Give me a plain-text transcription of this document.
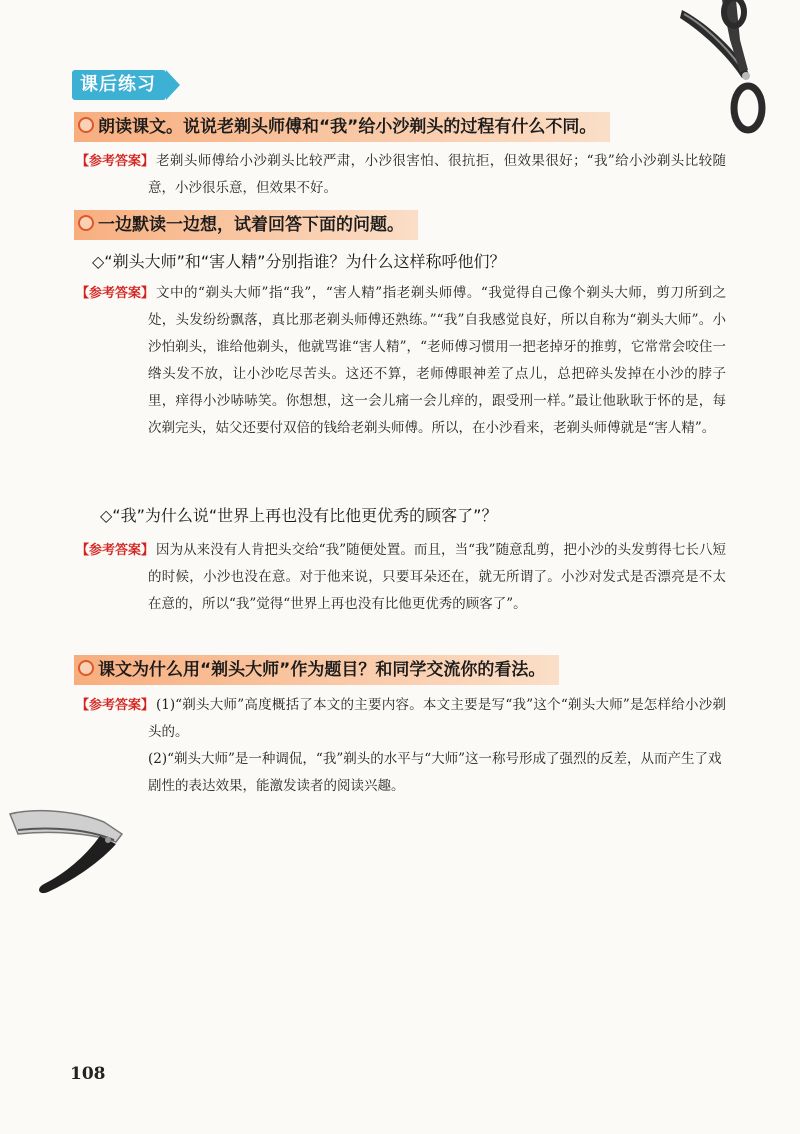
课后练习
朗读课文。说说老剃头师傅和“我”给小沙剃头的过程有什么不同。
【参考答案】 老剃头师傅给小沙剃头比较严肃，小沙很害怕、很抗拒，但效果很好；“我”给小沙剃头比较随意，小沙很乐意，但效果不好。
一边默读一边想，试着回答下面的问题。
◇“剃头大师”和“害人精”分别指谁？为什么这样称呼他们？
【参考答案】 文中的“剃头大师”指“我”，“害人精”指老剃头师傅。“我觉得自己像个剃头大师，剪刀所到之处，头发纷纷飘落，真比那老剃头师傅还熟练。”“我”自我感觉良好，所以自称为“剃头大师”。小沙怕剃头，谁给他剃头，他就骂谁“害人精”，“老师傅习惯用一把老掉牙的推剪，它常常会咬住一绺头发不放，让小沙吃尽苦头。这还不算，老师傅眼神差了点儿，总把碎头发掉在小沙的脖子里，痒得小沙哧哧笑。你想想，这一会儿痛一会儿痒的，跟受刑一样。”最让他耿耿于怀的是，每次剃完头，姑父还要付双倍的钱给老剃头师傅。所以，在小沙看来，老剃头师傅就是“害人精”。
◇“我”为什么说“世界上再也没有比他更优秀的顾客了”？
【参考答案】 因为从来没有人肯把头交给“我”随便处置。而且，当“我”随意乱剪，把小沙的头发剪得七长八短的时候，小沙也没在意。对于他来说，只要耳朵还在，就无所谓了。小沙对发式是否漂亮是不太在意的，所以“我”觉得“世界上再也没有比他更优秀的顾客了”。
课文为什么用“剃头大师”作为题目？和同学交流你的看法。
【参考答案】 (1)“剃头大师”高度概括了本文的主要内容。本文主要是写“我”这个“剃头大师”是怎样给小沙剃头的。
(2)“剃头大师”是一种调侃，“我”剃头的水平与“大师”这一称号形成了强烈的反差，从而产生了戏剧性的表达效果，能激发读者的阅读兴趣。
108
